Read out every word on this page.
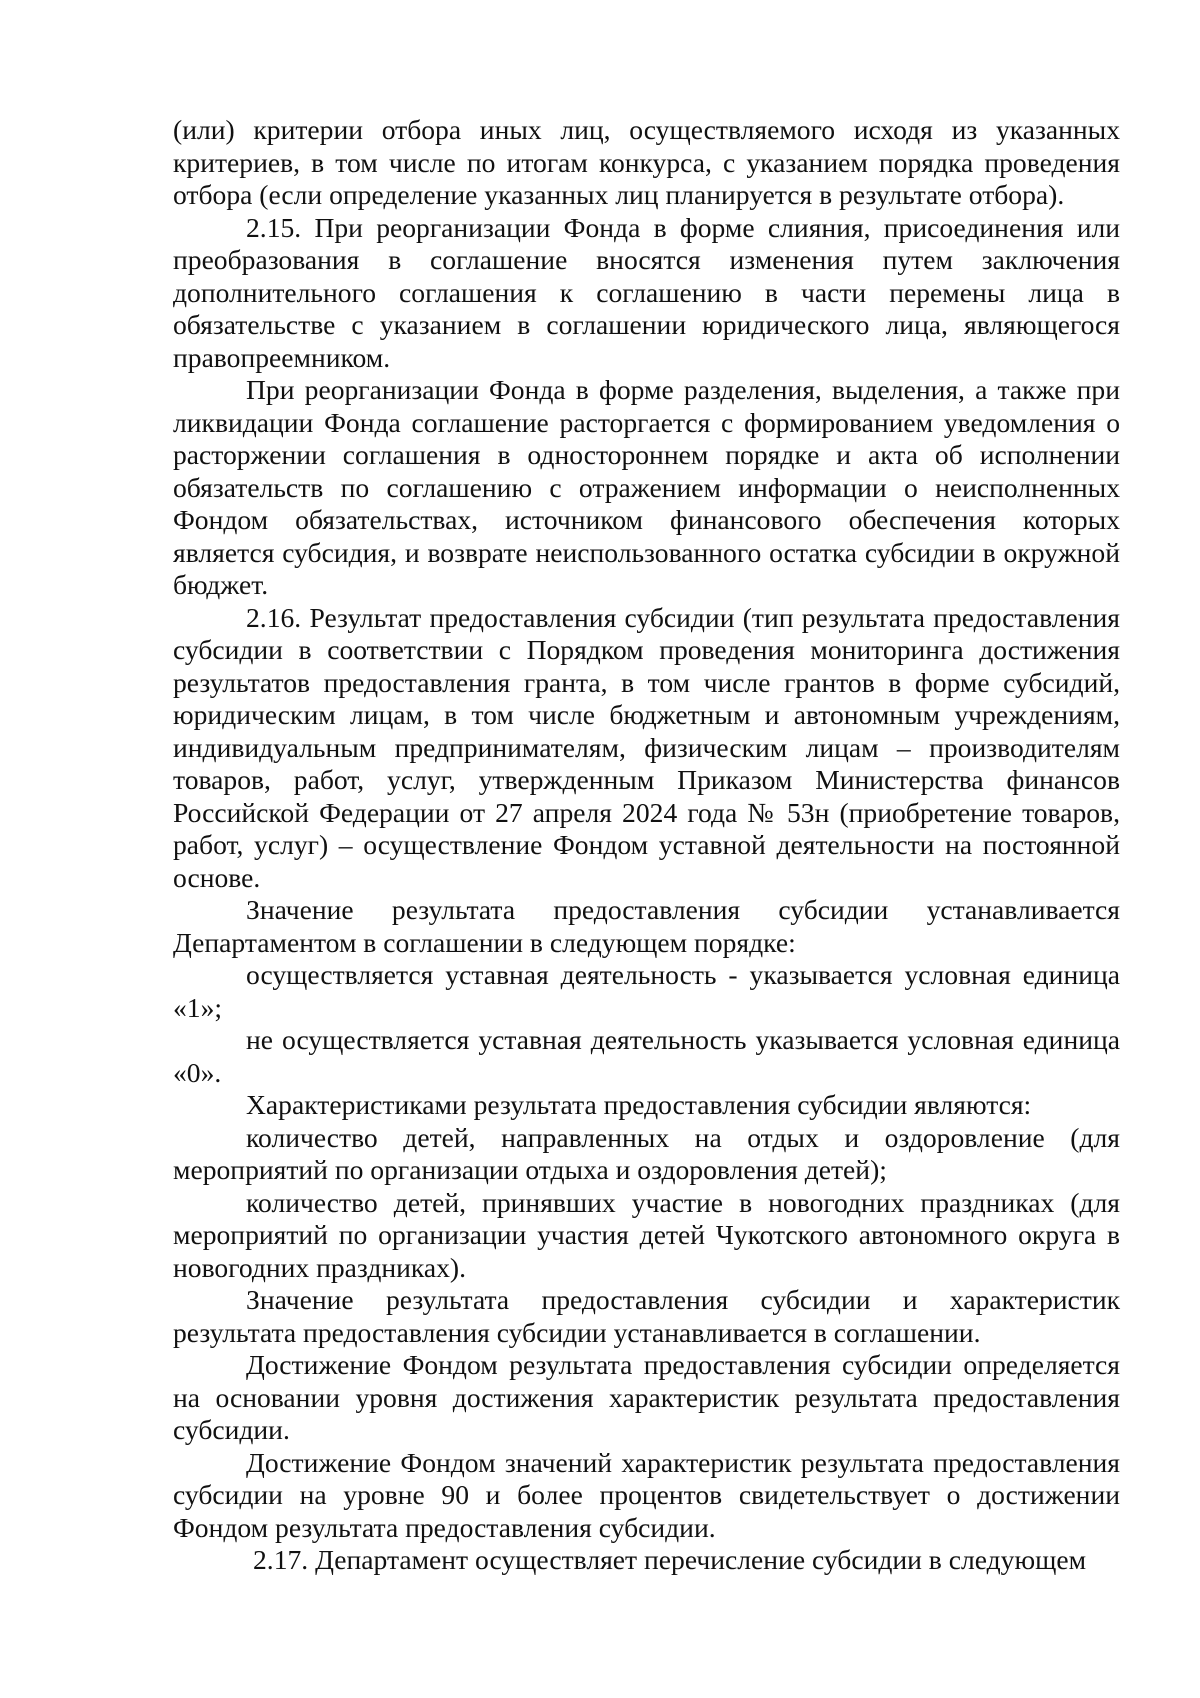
(или) критерии отбора иных лиц, осуществляемого исходя из указанных критериев, в том числе по итогам конкурса, с указанием порядка проведения отбора (если определение указанных лиц планируется в результате отбора).

2.15. При реорганизации Фонда в форме слияния, присоединения или преобразования в соглашение вносятся изменения путем заключения дополнительного соглашения к соглашению в части перемены лица в обязательстве с указанием в соглашении юридического лица, являющегося правопреемником.

При реорганизации Фонда в форме разделения, выделения, а также при ликвидации Фонда соглашение расторгается с формированием уведомления о расторжении соглашения в одностороннем порядке и акта об исполнении обязательств по соглашению с отражением информации о неисполненных Фондом обязательствах, источником финансового обеспечения которых является субсидия, и возврате неиспользованного остатка субсидии в окружной бюджет.

2.16. Результат предоставления субсидии (тип результата предоставления субсидии в соответствии с Порядком проведения мониторинга достижения результатов предоставления гранта, в том числе грантов в форме субсидий, юридическим лицам, в том числе бюджетным и автономным учреждениям, индивидуальным предпринимателям, физическим лицам – производителям товаров, работ, услуг, утвержденным Приказом Министерства финансов Российской Федерации от 27 апреля 2024 года № 53н (приобретение товаров, работ, услуг) – осуществление Фондом уставной деятельности на постоянной основе.

Значение результата предоставления субсидии устанавливается Департаментом в соглашении в следующем порядке:

осуществляется уставная деятельность - указывается условная единица «1»;

не осуществляется уставная деятельность указывается условная единица «0».

Характеристиками результата предоставления субсидии являются:

количество детей, направленных на отдых и оздоровление (для мероприятий по организации отдыха и оздоровления детей);

количество детей, принявших участие в новогодних праздниках (для мероприятий по организации участия детей Чукотского автономного округа в новогодних праздниках).

Значение результата предоставления субсидии и характеристик результата предоставления субсидии устанавливается в соглашении.

Достижение Фондом результата предоставления субсидии определяется на основании уровня достижения характеристик результата предоставления субсидии.

Достижение Фондом значений характеристик результата предоставления субсидии на уровне 90 и более процентов свидетельствует о достижении Фондом результата предоставления субсидии.

2.17. Департамент осуществляет перечисление субсидии в следующем
